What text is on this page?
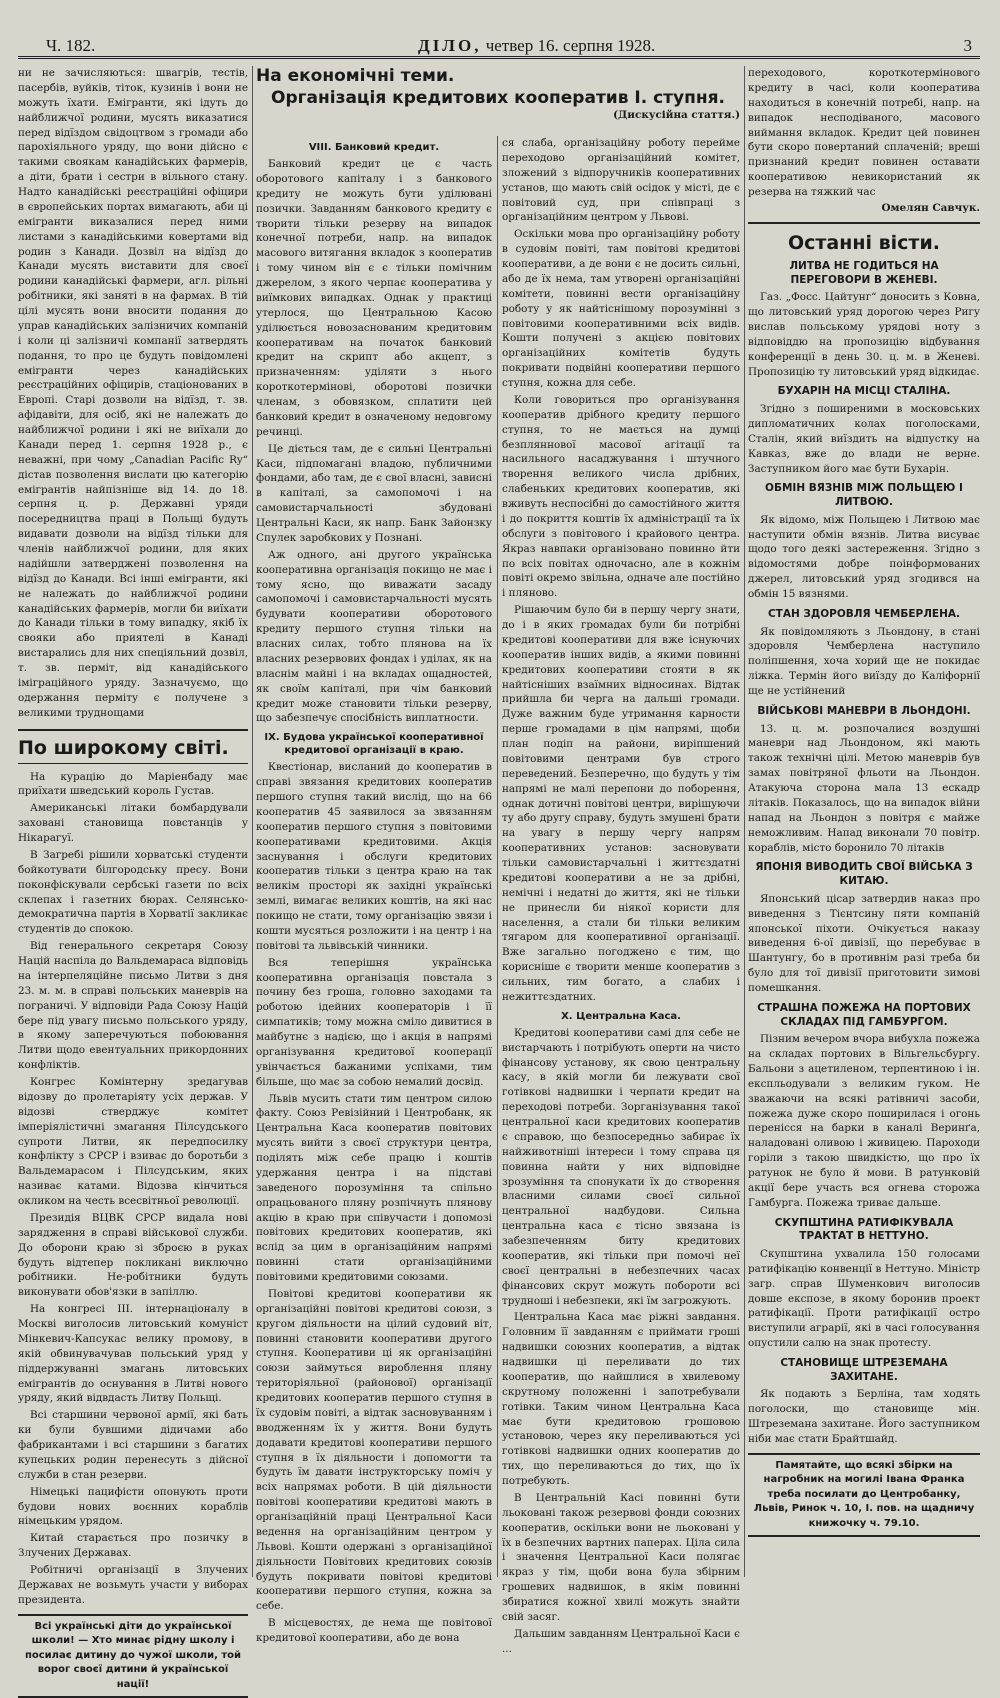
Ч. 182.	ДІЛО, четвер 16. серпня 1928.	3

ни не зачисляються: швагрів, тестів, паcербів, вуйків, тіток, кузинів і вони не можуть їхати. Емігранти, які ідуть до найближчої родини, мусять виказатися перед відїздом свідоцтвом з громади або парохіяльного уряду, що вони дійсно є такими своякам канадійських фармерів, а діти, брати і сестри в вільного стану. Надто канадійські реєстраційні офіцири в європейських портах вимагають, аби ці емігранти виказалися перед ними листами з канадійськими ковертами від родин з Канади. Дозвіл на відїзд до Канади мусять виставити для своєї родини канадійські фармери, агл. рільні робітники, які заняті в на фармах. В тій цілі мусять вони вносити подання до управ канадійських залізничих компаній і коли ці залізничі компанії затвердять подання, то про це будуть повідомлені емігранти через канадійських реєстраційних офіцирів, стаціонованих в Европі. Старі дозволи на відїзд, т. зв. афідавіти, для осіб, які не належать до найближчої родини і які не виїхали до Канади перед 1. серпня 1928 р., є неважні, при чому „Canadian Pacific Ry“ дістав позволення вислати цю категорію емігрантів найпізніше від 14. до 18. серпня ц. р. Державні уряди посередництва праці в Польщі будуть видавати дозволи на відїзд тільки для членів найближчої родини, для яких надійшли затверджені позволення на відїзд до Канади. Всі інші емігранти, які не належать до найближчої родини канадійських фармерів, могли би виїхати до Канади тільки в тому випадку, якіб їх свояки або приятелі в Канаді виcтарались для них спеціяльний дозвіл, т. зв. перміт, від канадійського іміграційного уряду. Зазначуємо, що одержання перміту є получене з великими труднощами

По широкому світі.

На курацію до Маріенбаду має приїхати шведський король Густав.

Американські літаки бомбардували заховані становища повстанців у Нікарагуї.

В Загребі рішили хорватські студенти бойкотувати білгородську пресу. Вони поконфіскували сербські газети по всіх склепах і газетних бюрах. Селянсько-демократична партія в Хорватії закликає студентів до спокою.

Від генерального секретаря Союзу Націй наспіла до Вальдемараса відповідь на інтерпеляційне письмо Литви з дня 23. м. м. в справі польських маневрів на пограничі. У відповіди Рада Союзу Націй бере під увагу письмо польського уряду, в якому заперечуються побоювання Литви щодо евентуальних прикордонних конфліктів.

Конгрес Комінтерну зредагував відозву до пролетаріяту усіх держав. У відозві стверджує комітет імперіялістичні змагання Пілсудського супроти Литви, як передпосилку конфлікту з СРСР і взиває до боротьби з Вальдемарасом і Пілсудським, яких називає катами. Відозва кінчиться окликом на честь всесвітньої революції.

Президія ВЦВК СРСР видала нові зарядження в справі військової служби. До оборони краю зі зброєю в руках будуть відтепер покликані виключно робітники. Не-робітники будуть виконувати обов'язки в запіллю.

На конгресі III. інтернаціоналу в Москві виголосив литовський комуніст Мінкевич-Капсукас велику промову, в якій обвинувачував польський уряд у піддержуванні змагань литовських емігрантів до оcнування в Литві нового уряду, який відвдасть Литву Польщі.

Всі старшини червоної армії, які бать ки були бувшими дідичами або фабрикантами і всі старшини з багатих купецьких родин перенесуть з дійсної служби в стан резерви.

Німецькі пацифісти опонують проти будови нових воєнних кораблів німецьким урядом.

Китай старається про позичку в Злучених Державах.

Робітничі організації в Злучених Державах не возьмуть участи у виборах президента.

Всі українські діти до української школи! — Хто минає рідну школу і посилає дитину до чужої школи, той ворог своєї дитини й української нації!
На економічні теми.
Організація кредитових кооператив І. ступня.
(Дискусійна стаття.)
VIII. Банковий кредит.

Банковий кредит це є часть оборотового капіталу і з банкового кредиту не можуть бути уділювані позички. Завданням банкового кредиту є творити тільки резерву на випадок конечної потреби, напр. на випадок масового витягання вкладок з кооператив і тому чином він є є тільки помічним джерелом, з якого черпає кооператива у виїмкових випадках. Однак у практиці утерлося, що Центральною Касою уділюється новозаснованим кредитовим кооперативам на початок банковий кредит на скрипт або акцепт, з призначенням: уділяти з нього короткотермінові, оборотові позички членам, з обовязком, сплатити цей банковий кредит в означеному недовгому речинці.

Це діється там, де є сильні Центральні Каси, підпомагані владою, публичними фондами, або там, де є свої власні, зависні в капіталі, за самопомочі і на самовистарчальності збудовані Центральні Каси, як напр. Банк Зайонзку Спулек заробкових у Познані.

Аж одного, ані другого українська кооперативна організація покищо не має і тому ясно, що виважати засаду самопомочі і самовистарчальності мусять будувати кооперативи оборотового кредиту першого ступня тільки на власних силах, тобто плянова на їх власних резервових фондах і уділах, як на власнім майні і на вкладах ощадностей, як своїм капіталі, при чім банковий кредит може становити тільки резерву, що забезпечує спосібність виплатности.

IX. Будова української кооперативної кредитової організації в краю.

Квестіонар, висланий до кооператив в справі звязання кредитових кооператив першого ступня такий вислід, що на 66 кооператив 45 заявилося за звязанням кооператив першого ступня з повітовими кооперативами кредитовими. Акція заснування і обслуги кредитових кооператив тільки з центра краю на так великім просторі як західні українські землі, вимагає великих коштів, на які нас покищо не стати, тому організацію звязи і кошти мусяться розложити і на центр і на повітові та львівській чинники.

Вся теперішня українська кооперативна організація повстала з почину без гроша, головно заходами та роботою ідейних кооператорів і її симпатиків; тому можна сміло дивитися в майбутнє з надією, що і акція в напрямі організування кредитової кооперації увінчається бажаними успіхами, тим більше, що має за собою немалий досвід.

Львів мусить стати тим центром силою факту. Союз Ревізійний і Центробанк, як Центральна Каса кооператив повітових мусять вийти з своєї структури центра, поділять між себе працю і коштів удержання центра і на підставі заведеного порозуміння та спільно опрацьованого пляну розпічнуть плянову акцію в краю при співучасти і допомозі повітових кредитових кооператив, які вслід за цим в організаційним напрямі повинні стати організаційними повітовими кредитовими союзами.

Повітові кредитові кооперативи як організаційні повітові кредитові союзи, з кругом діяльности на цілий судовий віт, повинні становити кооперативи другого ступня. Кооперативи ці як організаційні союзи займуться вироблення пляну територіяльної (районової) організації кредитових кооператив першого ступня в їх судовім повіті, а відтак засновуванням і вводженням їх у життя. Вони будуть додавати кредитові кооперативи першого ступня в їх діяльности і допомогти та будуть їм давати інструкторську поміч у всіх напрямах роботи. В цій діяльности повітові кооперативи кредитові мають в організаційній праці Центральної Каси ведення на організаційним центром у Львові. Кошти одержані з організаційної діяльности Повітових кредитових союзів будуть покривати повітові кредитові кооперативи першого ступня, кожна за себе.

В місцевостях, де нема ще повітової кредитової кооперативи, або де вона

ся слаба, організаційну роботу перейме переходово організаційний комітет, зложений з відпоручників кооперативних установ, що мають свій осідок у місті, де є повітовий суд, при співпраці з організаційним центром у Львові.

Оскільки мова про організаційну роботу в судовім повіті, там повітові кредитові кооперативи, а де вони є не досить сильні, або де їх нема, там утворені організаційні комітети, повинні вести організаційну роботу у як найтіснішому порозумінні з повітовими кооперативними всіх видів. Кошти получені з акцією повітових організаційних комітетів будуть покривати подвійні кооперативи першого ступня, кожна для себе.

Коли говориться про організування кооператив дрібного кредиту першого ступня, то не мається на думці безпляннової масової агітації та насильного насаджування і штучного творення великого числа дрібних, слабеньких кредитових кооператив, які вживуть неспосібні до самостійного життя і до покриття коштів їх адміністрації та їх обслуги з повітового і крайового центра. Якраз навпаки організовано повинно йти по всіх повітах одночасно, але в кожнім повіті окремо звільна, одначе але постійно і пляново.

Рішаючим було би в першу чергу знати, до і в яких громадах були би потрібні кредитові кооперативи для вже існуючих кооператив інших видів, а якими повинні кредитових кооперативи стояти в як найтісніших взаїмних відносинах. Відтак прийшла би черга на дальші громади. Дуже важним буде утримання карности перше громадами в цім напрямі, щоби план подіп на райони, виріпшений повітовими центрами був строго переведений. Безперечно, що будуть у тім напрямі не малі перепони до поборення, однак дотичні повітові центри, вирішуючи ту або другу справу, будуть змушені брати на увагу в першу чергу напрям кооперативних установ: засновувати тільки самовистарчальні і життєздатні кредитові кооперативи а не за дрібні, немічні і недатні до життя, які не тільки не принесли би ніякої користи для населення, а стали би тільки великим тягаром для кооперативної організації. Вже загально погоджено є тим, що кориcніше є творити менше кооператив з сильних, тим богато, а слабих і нежиттєздатних.

X. Центральна Каса.

Кредитові кооперативи самі для себе не вистарчають і потрібують оперти на чисто фінансову установу, як свою центральну касу, в якій могли би лежувати свої готівкові надвишки і черпати кредит на переходові потреби. Зорганізування такої центральної каси кредитових кооператив є справою, що безпосередньо забирає їх найживотніші інтереси і тому справа ця повинна найти у них відповідне зрозуміння та спонукати їх до створення власними силами своєї сильної центральної надбудови. Сильна центральна каса є тісно звязана із забезпеченням биту кредитових кооператив, які тільки при помочі неї своєї центральні в небезпечних часах фінансових скрут можуть побороти всі трудноші і небезпеки, які їм загрожують.

Центральна Каса має ріжні завдання. Головним її завданням є приймати гроші надвишки союзних кооператив, а відтак надвишки ці переливати до тих кооператив, що найшлися в хвилевому скрутному положенні і запотребували готівки. Таким чином Центральна Каса має бути кредитовою грошовою установою, через яку переливаються усі готівкові надвишки одних кооператив до тих, що переливаються до тих, що їх потребують.

В Центральній Касі повинні бути льоковані також резервові фонди союзних кооператив, оскільки вони не льоковані у їх в безпечних вартних паперах. Ціла сила і значення Центральної Каси полягає якраз у тім, щоби вона була збірним грошевих надвишок, в якім повинні збиратися кожної хвилі можуть знайти свій засяг.

Дальшим завданням Центральної Каси є ...

переходового, короткотермінового кредиту в часі, коли кооператива находиться в конечній потребі, напр. на випадок несподіваного, масового виймання вкладок. Кредит цей повинен бути скоро повертаний сплаченій; вреші признаний кредит повинен оставати кооперативою невикористаний як резерва на тяжкий час

Омелян Савчук.
Останні вісти.
ЛИТВА НЕ ГОДИТЬСЯ НА ПЕРЕГОВОРИ В ЖЕНЕВІ.

Газ. „Фосс. Цайтунг“ доносить з Ковна, що литовський уряд дорогою через Ригу вислав польському урядові ноту з відповіддю на пропозицію відбування конференції в день 30. ц. м. в Женеві. Пропозицію ту литовський уряд відкидає.

БУХАРІН НА МІСЦІ СТАЛІНА.

Згідно з поширеними в московських дипломатичних колах поголосками, Сталін, який виїздить на відпустку на Кавказ, вже до влади не верне. Заступником його має бути Бухарін.

ОБМІН ВЯЗНІВ МІЖ ПОЛЬЩЕЮ І ЛИТВОЮ.

Як відомо, між Польщею і Литвою має наступити обмін вязнів. Литва висуває щодо того деякі застереження. Згідно з відомостями добре поінформованих джерел, литовський уряд згодився на обмін 15 вязнями.

СТАН ЗДОРОВЛЯ ЧЕМБЕРЛЕНА.

Як повідомляють з Льондону, в стані здоровля Чемберлена наступило поліпшення, хоча хорий ще не покидає ліжка. Термін його виїзду до Каліфорнії ще не устійнений

ВІЙСЬКОВІ МАНЕВРИ В ЛЬОНДОНІ.

13. ц. м. розпочалися воздушні маневри над Льондоном, які мають також технічні цілі. Метою маневрів був замах повітряної фльоти на Льондон. Атакуюча сторона мала 13 ескадр літаків. Показалось, що на випадок війни напад на Льондон з повітря є майже неможливим. Напад виконали 70 повітр. кораблів, місто боронило 70 літаків

ЯПОНІЯ ВИВОДИТЬ СВОЇ ВІЙСЬКА З КИТАЮ.

Японський цісар затвердив наказ про виведення з Тієнтсину пяти компаній японської піхоти. Очікується наказу виведення 6-ої дивізії, що перебуває в Шантунгу, бо в противнім разі треба би було для тої дивізії приготовити зимові помешкання.

СТРАШНА ПОЖЕЖА НА ПОРТОВИХ СКЛАДАХ ПІД ГАМБУРГОМ.

Пізним вечером вчора вибухла пожежа на складах портових в Вільгельсбургу. Бальони з ацетиленом, терпентиною і ін. експльодували з великим гуком. Не зважаючи на всякі ратівничі засоби, пожежа дуже скоро поширилася і огонь перенісся на барки в каналі Веринґа, наладовані оливою і живицею. Пароходи горіли з такою швидкістю, що про їх ратунок не було й мови. В ратунковій акції бере участь вся огнева сторожа Гамбурга. Пожежа триває дальше.

СКУПШТИНА РАТИФІКУВАЛА ТРАКТАТ В НЕТТУНО.

Скупштина ухвалила 150 голосами ратифікацію конвенції в Неттуно. Міністр загр. справ Шуменкович виголосив довше експозе, в якому боронив проект ратифікації. Проти ратифікації остро виступили аграрії, які в часі голосування опустили салю на знак протесту.

СТАНОВИЩЕ ШТРЕЗЕМАНА ЗАХИТАНЕ.

Як подають з Берліна, там ходять поголоски, що становище мін. Штреземана захитане. Його заступником ніби має стати Брайтшайд.

Памятайте, що всякі збірки на нагробник на могилі Івана Франка треба посилати до Центробанку, Львів, Ринок ч. 10, І. пов. на щадничу книжочку ч. 79.10.
